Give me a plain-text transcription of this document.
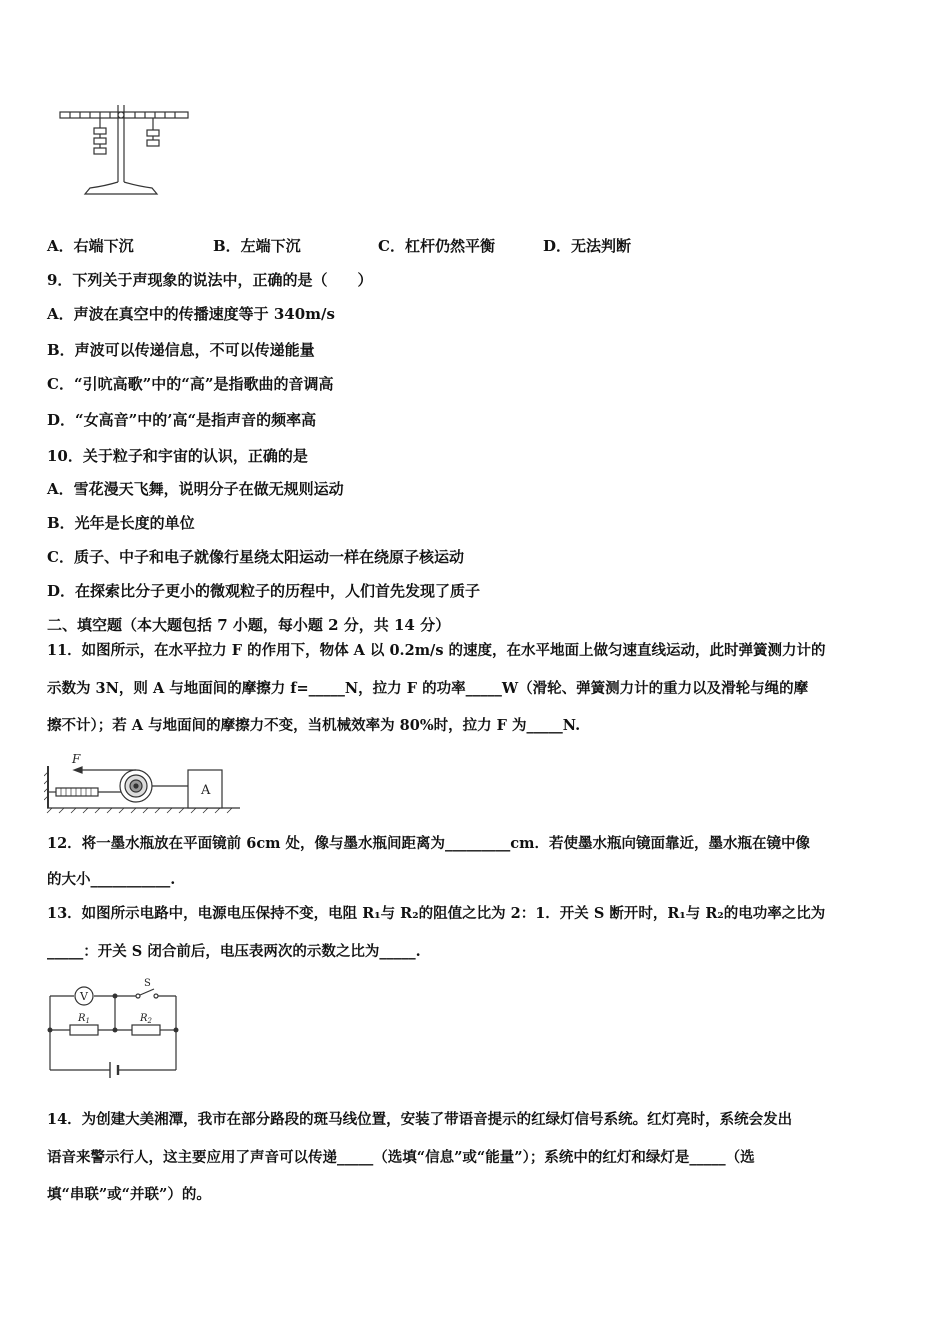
A．右端下沉	B．左端下沉	C．杠杆仍然平衡	D．无法判断
9．下列关于声现象的说法中，正确的是（　　）
A．声波在真空中的传播速度等于 340m/s
B．声波可以传递信息，不可以传递能量
C．“引吭高歌”中的“高”是指歌曲的音调高
D．“女高音”中的’高“是指声音的频率高
10．关于粒子和宇宙的认识，正确的是
A．雪花漫天飞舞，说明分子在做无规则运动
B．光年是长度的单位
C．质子、中子和电子就像行星绕太阳运动一样在绕原子核运动
D．在探索比分子更小的微观粒子的历程中，人们首先发现了质子
二、填空题（本大题包括 7 小题，每小题 2 分，共 14 分）
11．如图所示，在水平拉力 F 的作用下，物体 A 以 0.2m/s 的速度，在水平地面上做匀速直线运动，此时弹簧测力计的
示数为 3N，则 A 与地面间的摩擦力 f=_____N，拉力 F 的功率_____W（滑轮、弹簧测力计的重力以及滑轮与绳的摩
擦不计）；若 A 与地面间的摩擦力不变，当机械效率为 80%时，拉力 F 为_____N.
F
A
12．将一墨水瓶放在平面镜前 6cm 处，像与墨水瓶间距离为_________cm．若使墨水瓶向镜面靠近，墨水瓶在镜中像
的大小___________.
13．如图所示电路中，电源电压保持不变，电阻 R₁与 R₂的阻值之比为 2：1．开关 S 断开时，R₁与 R₂的电功率之比为
_____：开关 S 闭合前后，电压表两次的示数之比为_____.
V
S
$R_1$	$R_2$
14．为创建大美湘潭，我市在部分路段的斑马线位置，安装了带语音提示的红绿灯信号系统。红灯亮时，系统会发出
语音来警示行人，这主要应用了声音可以传递_____（选填“信息”或“能量”）；系统中的红灯和绿灯是_____（选
填“串联”或“并联”）的。
